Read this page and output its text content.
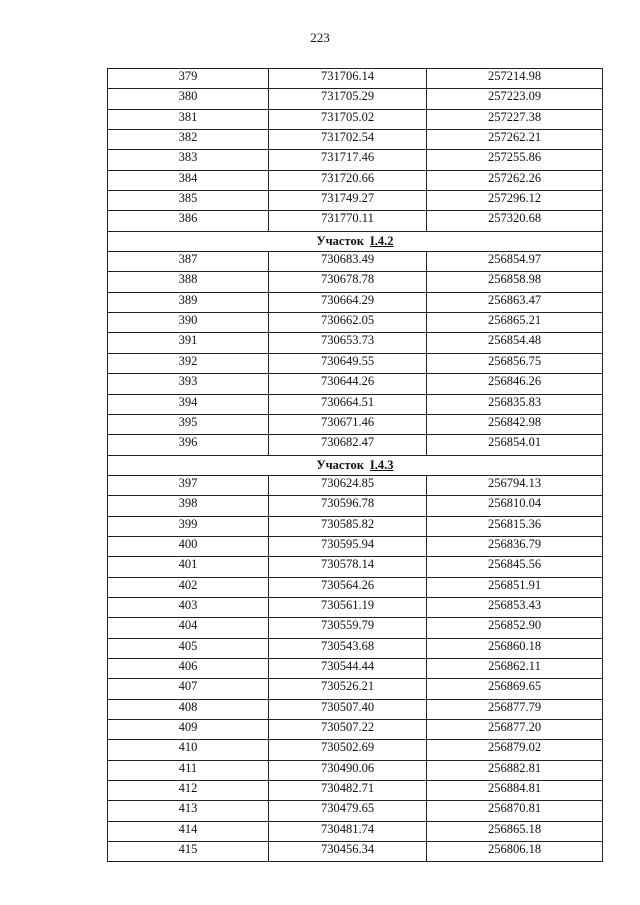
223
379	731706.14	257214.98
380	731705.29	257223.09
381	731705.02	257227.38
382	731702.54	257262.21
383	731717.46	257255.86
384	731720.66	257262.26
385	731749.27	257296.12
386	731770.11	257320.68
Участок I.4.2		
387	730683.49	256854.97
388	730678.78	256858.98
389	730664.29	256863.47
390	730662.05	256865.21
391	730653.73	256854.48
392	730649.55	256856.75
393	730644.26	256846.26
394	730664.51	256835.83
395	730671.46	256842.98
396	730682.47	256854.01
Участок I.4.3		
397	730624.85	256794.13
398	730596.78	256810.04
399	730585.82	256815.36
400	730595.94	256836.79
401	730578.14	256845.56
402	730564.26	256851.91
403	730561.19	256853.43
404	730559.79	256852.90
405	730543.68	256860.18
406	730544.44	256862.11
407	730526.21	256869.65
408	730507.40	256877.79
409	730507.22	256877.20
410	730502.69	256879.02
411	730490.06	256882.81
412	730482.71	256884.81
413	730479.65	256870.81
414	730481.74	256865.18
415	730456.34	256806.18
